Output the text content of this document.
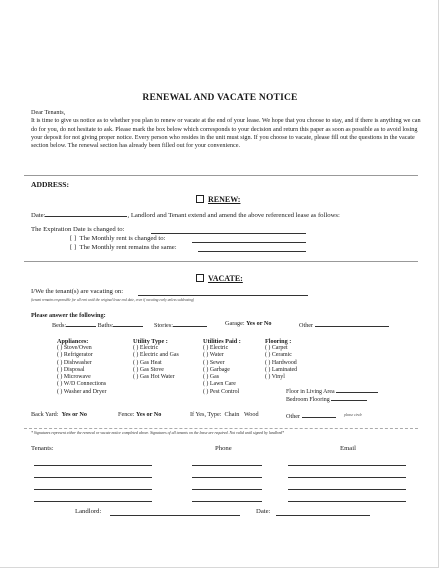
RENEWAL AND VACATE NOTICE

Dear Tenants,

It is time to give us notice as to whether you plan to renew or vacate at the end of your lease. We hope that you choose to stay, and if there is anything we can do for you, do not hesitate to ask. Please mark the box below which corresponds to your decision and return this paper as soon as possible as to avoid losing your deposit for not giving proper notice. Every person who resides in the unit must sign. If you choose to vacate, please fill out the questions in the vacate section below. The renewal section has already been filled out for your convenience.

ADDRESS:
RENEW:
Date:	, Landlord and Tenant extend and amend the above referenced lease as follows:
The Expiration Date is changed to:
[ ] The Monthly rent is changed to:
[ ] The Monthly rent remains the same:
VACATE:
I/We the tenant(s) are vacating on:
(tenant remains responsible for all rent until the original lease end date, even if vacating early unless subleasing)
Please answer the following:
Beds:	Baths:	Stories:	Garage: Yes or No	Other
Appliances:
( ) Stove/Oven
( ) Refrigerator
( ) Dishwasher
( ) Disposal
( ) Microwave
( ) W/D Connections
( ) Washer and Dryer
Utility Type :
( ) Electric
( ) Electric and Gas
( ) Gas Heat
( ) Gas Stove
( ) Gas Hot Water
Utilities Paid :
( ) Electric
( ) Water
( ) Sewer
( ) Garbage
( ) Gas
( ) Lawn Care
( ) Pest Control
Flooring :
( ) Carpet
( ) Ceramic
( ) Hardwood
( ) Laminated
( ) Vinyl
Floor in Living Area
Bedroom Flooring
Back Yard: Yes or No	Fence: Yes or No	If Yes, Type: Chain Wood	Other	please circle
* Signatures represent either the renewal or vacate notice completed above. Signatures of all tenants on the lease are required. Not valid until signed by landlord*
Tenants:	Phone	Email
Landlord:	Date:
